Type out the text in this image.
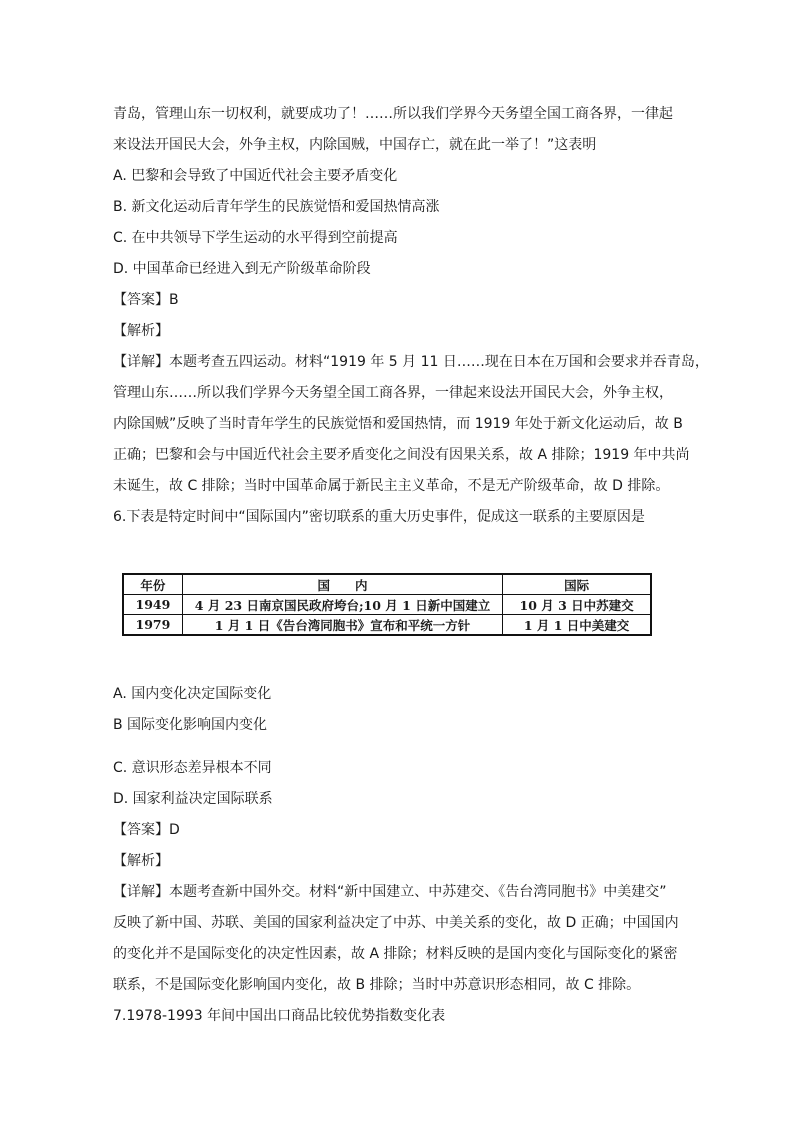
青岛，管理山东一切权利，就要成功了！……所以我们学界今天务望全国工商各界，一律起
来设法开国民大会，外争主权，内除国贼，中国存亡，就在此一举了！”这表明
A. 巴黎和会导致了中国近代社会主要矛盾变化
B. 新文化运动后青年学生的民族觉悟和爱国热情高涨
C. 在中共领导下学生运动的水平得到空前提高
D. 中国革命已经进入到无产阶级革命阶段
【答案】B
【解析】
【详解】本题考查五四运动。材料“1919 年 5 月 11 日……现在日本在万国和会要求并吞青岛，
管理山东……所以我们学界今天务望全国工商各界，一律起来设法开国民大会，外争主权，
内除国贼”反映了当时青年学生的民族觉悟和爱国热情，而 1919 年处于新文化运动后，故 B
正确；巴黎和会与中国近代社会主要矛盾变化之间没有因果关系，故 A 排除；1919 年中共尚
未诞生，故 C 排除；当时中国革命属于新民主主义革命，不是无产阶级革命，故 D 排除。
6.下表是特定时间中“国际国内”密切联系的重大历史事件，促成这一联系的主要原因是
年份	国　　内	国际
1949	4 月 23 日南京国民政府垮台;10 月 1 日新中国建立	10 月 3 日中苏建交
1979	1 月 1 日《告台湾同胞书》宣布和平统一方针	1 月 1 日中美建交
A. 国内变化决定国际变化
B 国际变化影响国内变化
C. 意识形态差异根本不同
D. 国家利益决定国际联系
【答案】D
【解析】
【详解】本题考查新中国外交。材料“新中国建立、中苏建交、《告台湾同胞书》中美建交”
反映了新中国、苏联、美国的国家利益决定了中苏、中美关系的变化，故 D 正确；中国国内
的变化并不是国际变化的决定性因素，故 A 排除；材料反映的是国内变化与国际变化的紧密
联系，不是国际变化影响国内变化，故 B 排除；当时中苏意识形态相同，故 C 排除。
7.1978-1993 年间中国出口商品比较优势指数变化表
